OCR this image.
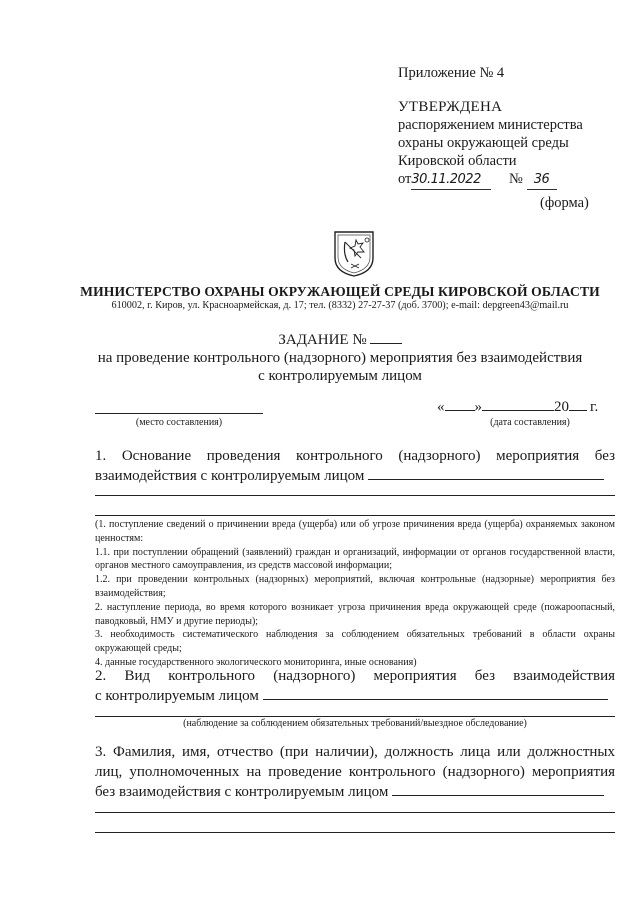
Приложение № 4
УТВЕРЖДЕНА
распоряжением министерства
охраны окружающей среды
Кировской области
от30.11.2022 № 36
(форма)
МИНИСТЕРСТВО ОХРАНЫ ОКРУЖАЮЩЕЙ СРЕДЫ КИРОВСКОЙ ОБЛАСТИ
610002, г. Киров, ул. Красноармейская, д. 17; тел. (8332) 27-27-37 (доб. 3700); e-mail: depgreen43@mail.ru
ЗАДАНИЕ №
на проведение контрольного (надзорного) мероприятия без взаимодействия
с контролируемым лицом
(место составления)
« »	20 г.
(дата составления)
1. Основание проведения контрольного (надзорного) мероприятия без
взаимодействия с контролируемым лицом

(1. поступление сведений о причинении вреда (ущерба) или об угрозе причинения вреда (ущерба) охраняемых законом ценностям:

1.1. при поступлении обращений (заявлений) граждан и организаций, информации от органов государственной власти, органов местного самоуправления, из средств массовой информации;

1.2. при проведении контрольных (надзорных) мероприятий, включая контрольные (надзорные) мероприятия без взаимодействия;

2. наступление периода, во время которого возникает угроза причинения вреда окружающей среде (пожароопасный, паводковый, НМУ и другие периоды);

3. необходимость систематического наблюдения за соблюдением обязательных требований в области охраны окружающей среды;

4. данные государственного экологического мониторинга, иные основания)

2. Вид контрольного (надзорного) мероприятия без взаимодействия
с контролируемым лицом
(наблюдение за соблюдением обязательных требований/выездное обследование)
3. Фамилия, имя, отчество (при наличии), должность лица или должностных
лиц, уполномоченных на проведение контрольного (надзорного) мероприятия
без взаимодействия с контролируемым лицом
